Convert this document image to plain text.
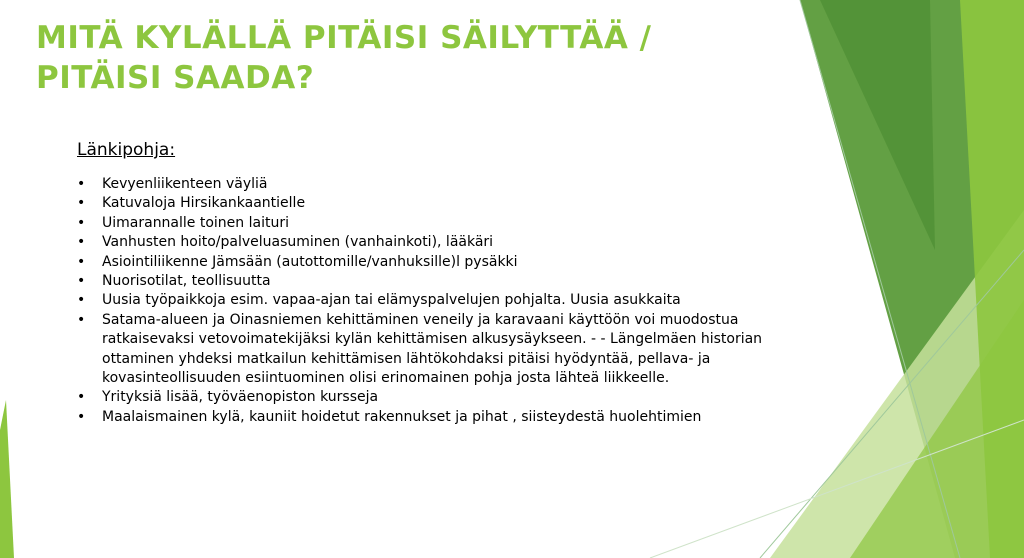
MITÄ KYLÄLLÄ PITÄISI SÄILYTTÄÄ /
PITÄISI SAADA?
Länkipohja:
• Kevyenliikenteen väyliä
• Katuvaloja Hirsikankaantielle
• Uimarannalle toinen laituri
• Vanhusten hoito/palveluasuminen (vanhainkoti), lääkäri
• Asiointiliikenne Jämsään (autottomille/vanhuksille)l pysäkki
• Nuorisotilat, teollisuutta
• Uusia työpaikkoja esim. vapaa-ajan tai elämyspalvelujen pohjalta. Uusia asukkaita
• Satama-alueen ja Oinasniemen kehittäminen veneily ja karavaani käyttöön voi muodostua ratkaisevaksi vetovoimatekijäksi kylän kehittämisen alkusysäykseen. - - Längelmäen historian ottaminen yhdeksi matkailun kehittämisen lähtökohdaksi pitäisi hyödyntää, pellava- ja kovasinteollisuuden esiintuominen olisi erinomainen pohja josta lähteä liikkeelle.
• Yrityksiä lisää, työväenopiston kursseja
• Maalaismainen kylä, kauniit hoidetut rakennukset ja pihat , siisteydestä huolehtimien
